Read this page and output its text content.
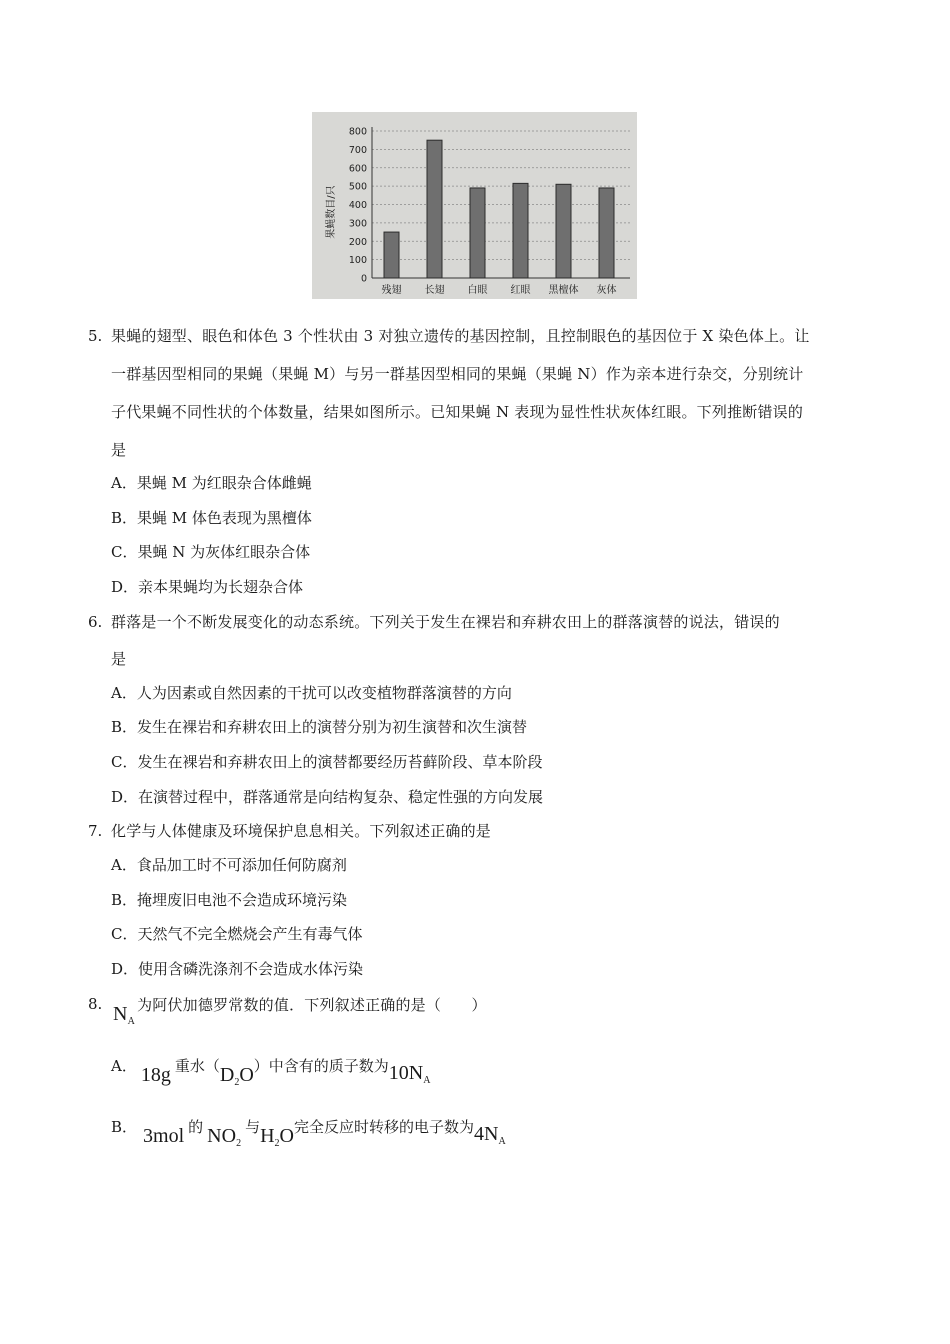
果蝇数目/只
0
100
200
300
400
500
600
700
800
残翅 长翅 白眼 红眼 黑檀体 灰体
5. 果蝇的翅型、眼色和体色 3 个性状由 3 对独立遗传的基因控制，且控制眼色的基因位于 X 染色体上。让
一群基因型相同的果蝇（果蝇 M）与另一群基因型相同的果蝇（果蝇 N）作为亲本进行杂交，分别统计
子代果蝇不同性状的个体数量，结果如图所示。已知果蝇 N 表现为显性性状灰体红眼。下列推断错误的
是
A．果蝇 M 为红眼杂合体雌蝇
B．果蝇 M 体色表现为黑檀体
C．果蝇 N 为灰体红眼杂合体
D．亲本果蝇均为长翅杂合体
6. 群落是一个不断发展变化的动态系统。下列关于发生在裸岩和弃耕农田上的群落演替的说法，错误的
是
A．人为因素或自然因素的干扰可以改变植物群落演替的方向
B．发生在裸岩和弃耕农田上的演替分别为初生演替和次生演替
C．发生在裸岩和弃耕农田上的演替都要经历苔藓阶段、草本阶段
D．在演替过程中，群落通常是向结构复杂、稳定性强的方向发展
7. 化学与人体健康及环境保护息息相关。下列叙述正确的是
A．食品加工时不可添加任何防腐剂
B．掩埋废旧电池不会造成环境污染
C．天然气不完全燃烧会产生有毒气体
D．使用含磷洗涤剂不会造成水体污染
8. $N_A$为阿伏加德罗常数的值．下列叙述正确的是（　　）
A． 18g 重水$(D_2O)$中含有的质子数为$10N_A$
B． 3mol 的 $NO_2$与$H_2O$完全反应时转移的电子数为$4N_A$
